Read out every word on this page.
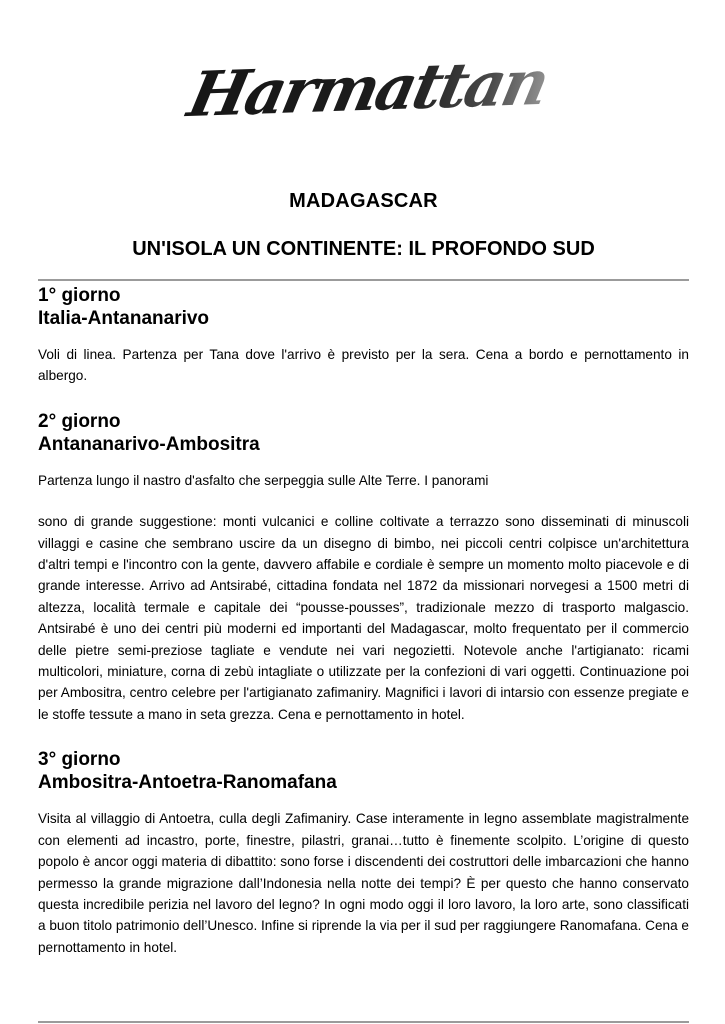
Harmattan
MADAGASCAR
UN'ISOLA UN CONTINENTE: IL PROFONDO SUD
1° giorno
Italia-Antananarivo

Voli di linea. Partenza per Tana dove l'arrivo è previsto per la sera. Cena a bordo e pernottamento in albergo.

2° giorno
Antananarivo-Ambositra

Partenza lungo il nastro d'asfalto che serpeggia sulle Alte Terre. I panorami

sono di grande suggestione: monti vulcanici e colline coltivate a terrazzo sono disseminati di minuscoli villaggi e casine che sembrano uscire da un disegno di bimbo, nei piccoli centri colpisce un'architettura d'altri tempi e l'incontro con la gente, davvero affabile e cordiale è sempre un momento molto piacevole e di grande interesse. Arrivo ad Antsirabé, cittadina fondata nel 1872 da missionari norvegesi a 1500 metri di altezza, località termale e capitale dei “pousse-pousses”, tradizionale mezzo di trasporto malgascio. Antsirabé è uno dei centri più moderni ed importanti del Madagascar, molto frequentato per il commercio delle pietre semi-preziose tagliate e vendute nei vari negozietti. Notevole anche l'artigianato: ricami multicolori, miniature, corna di zebù intagliate o utilizzate per la confezioni di vari oggetti. Continuazione poi per Ambositra, centro celebre per l'artigianato zafimaniry. Magnifici i lavori di intarsio con essenze pregiate e le stoffe tessute a mano in seta grezza. Cena e pernottamento in hotel.

3° giorno
Ambositra-Antoetra-Ranomafana

Visita al villaggio di Antoetra, culla degli Zafimaniry. Case interamente in legno assemblate magistralmente con elementi ad incastro, porte, finestre, pilastri, granai…tutto è finemente scolpito. L’origine di questo popolo è ancor oggi materia di dibattito: sono forse i discendenti dei costruttori delle imbarcazioni che hanno permesso la grande migrazione dall’Indonesia nella notte dei tempi? È per questo che hanno conservato questa incredibile perizia nel lavoro del legno? In ogni modo oggi il loro lavoro, la loro arte, sono classificati a buon titolo patrimonio dell’Unesco. Infine si riprende la via per il sud per raggiungere Ranomafana. Cena e pernottamento in hotel.
